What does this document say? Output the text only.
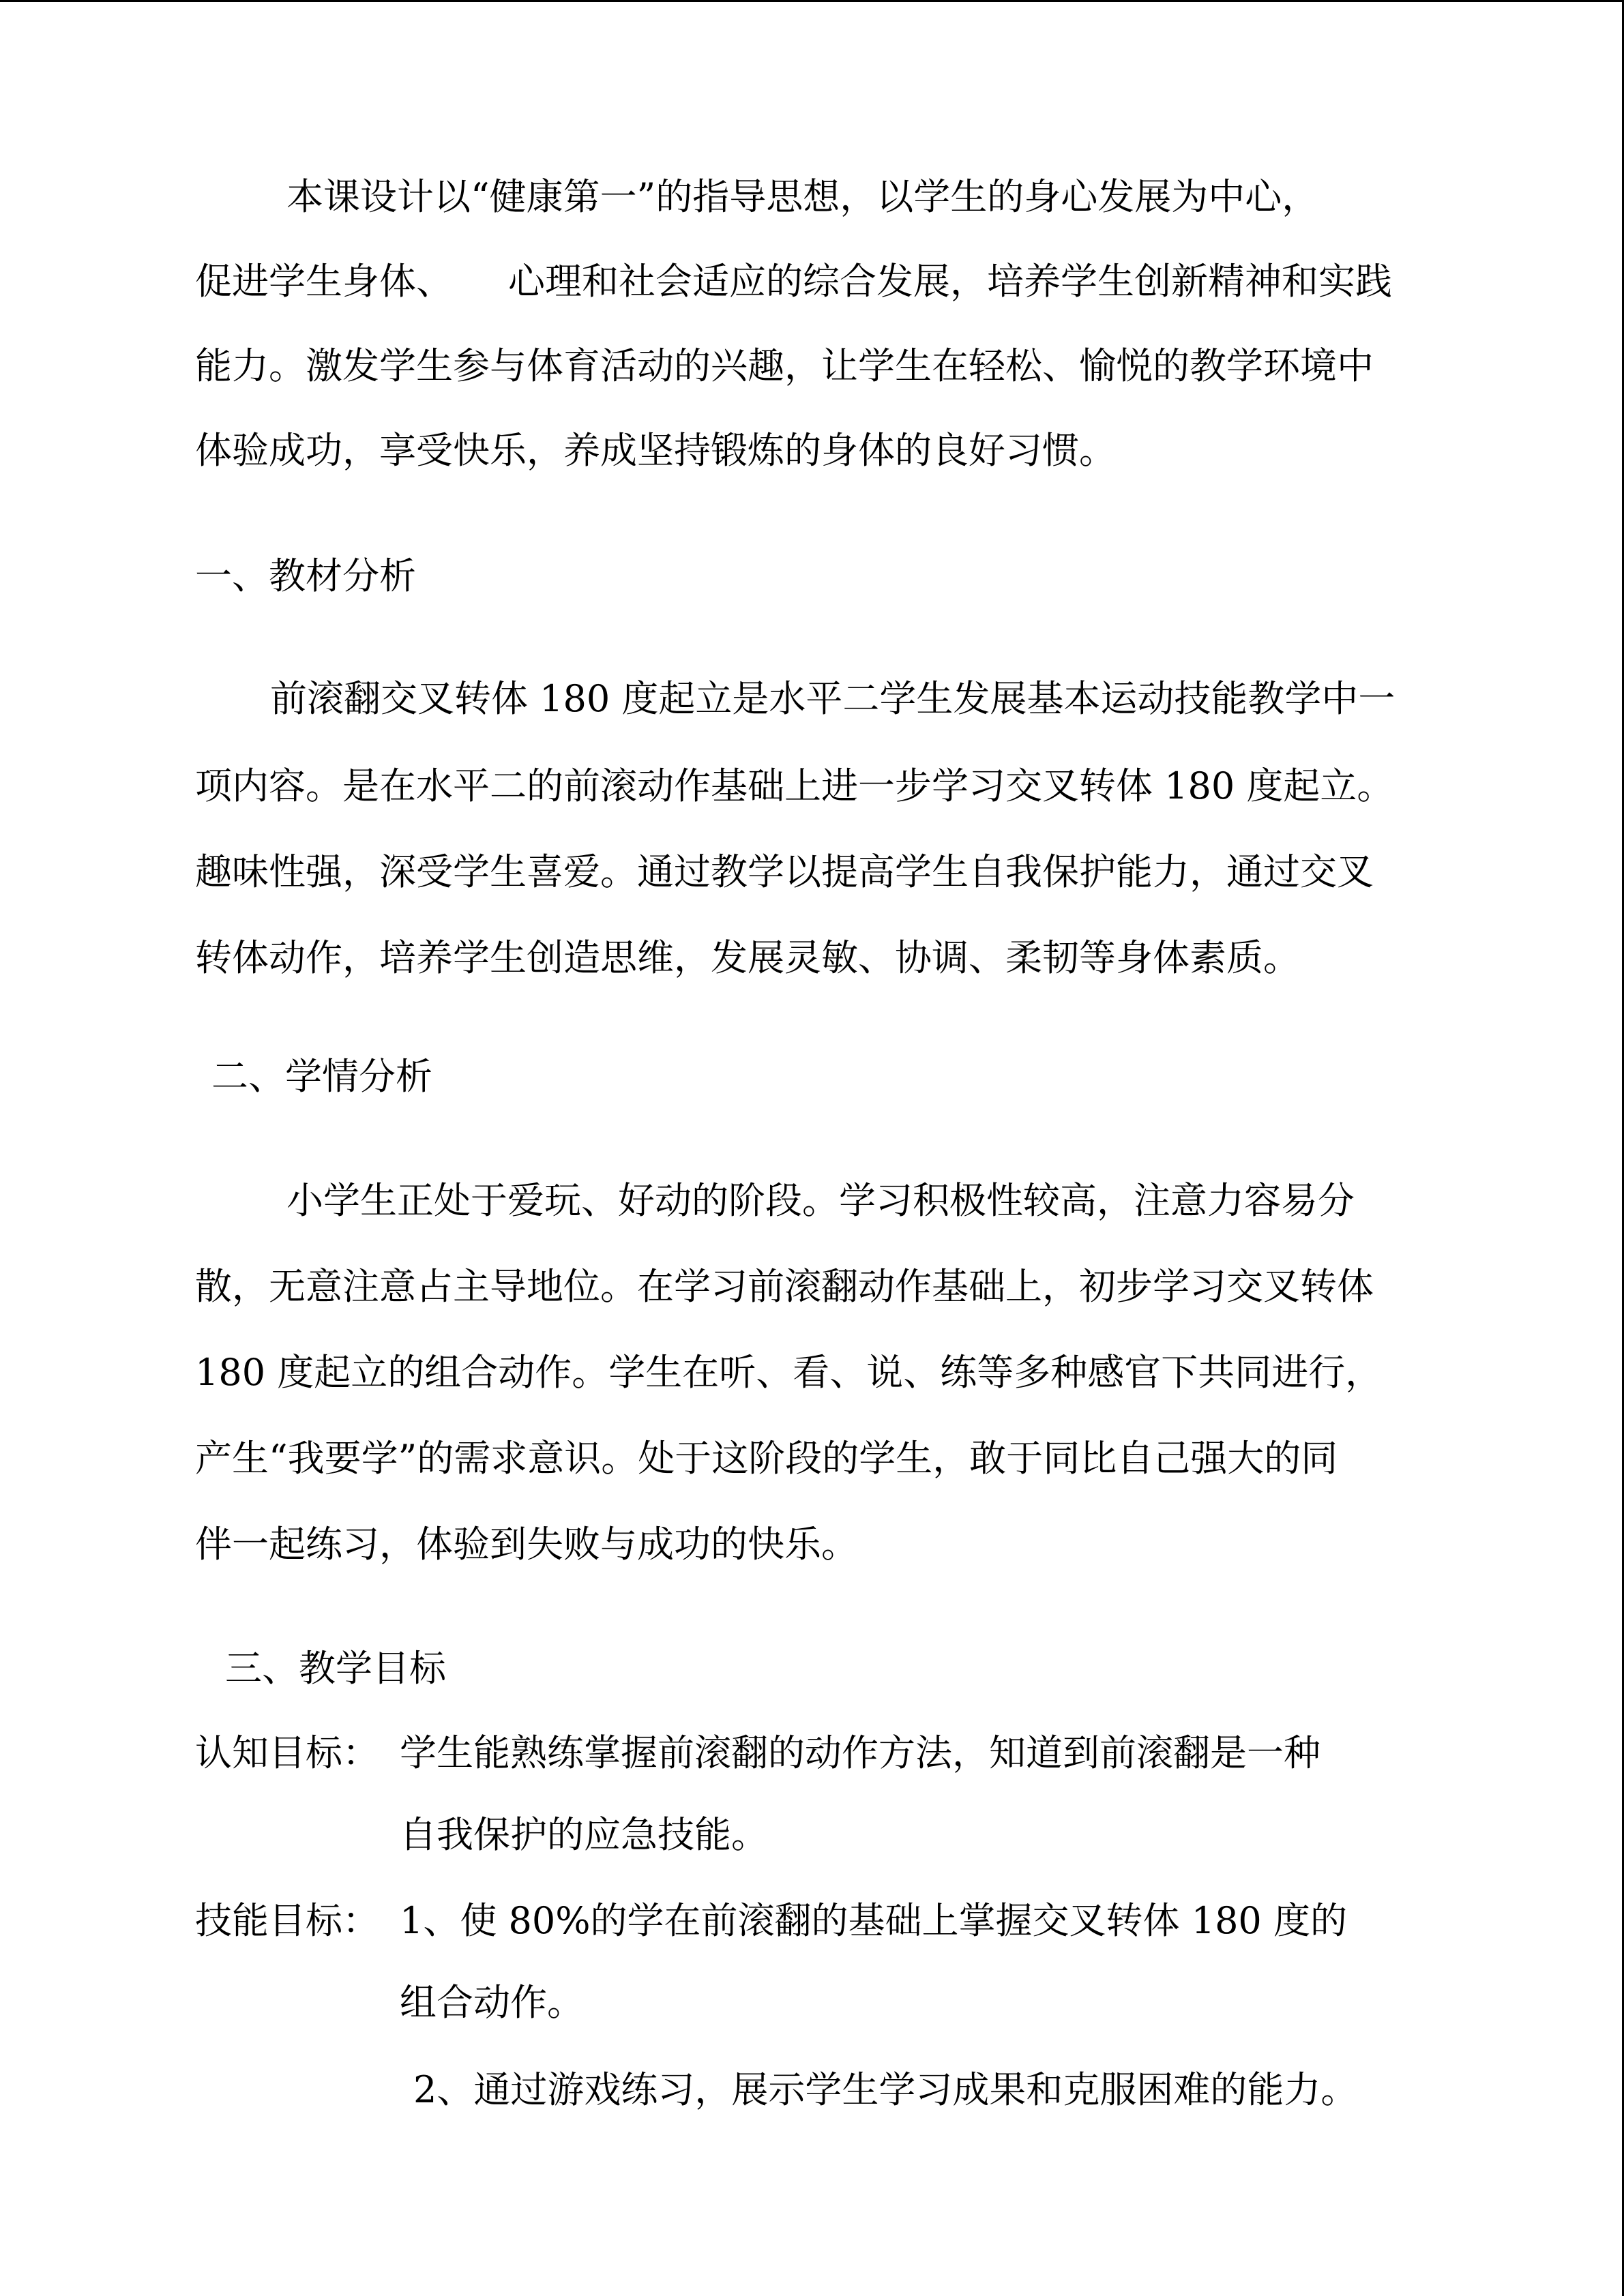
本课设计以“健康第一”的指导思想，以学生的身心发展为中心，
促进学生身体、　　心理和社会适应的综合发展，培养学生创新精神和实践
能力。激发学生参与体育活动的兴趣，让学生在轻松、愉悦的教学环境中
体验成功，享受快乐，养成坚持锻炼的身体的良好习惯。
一、教材分析
前滚翻交叉转体 180 度起立是水平二学生发展基本运动技能教学中一
项内容。是在水平二的前滚动作基础上进一步学习交叉转体 180 度起立。
趣味性强，深受学生喜爱。通过教学以提高学生自我保护能力，通过交叉
转体动作，培养学生创造思维，发展灵敏、协调、柔韧等身体素质。
二、学情分析
小学生正处于爱玩、好动的阶段。学习积极性较高，注意力容易分
散，无意注意占主导地位。在学习前滚翻动作基础上，初步学习交叉转体
180 度起立的组合动作。学生在听、看、说、练等多种感官下共同进行，
产生“我要学”的需求意识。处于这阶段的学生，敢于同比自己强大的同
伴一起练习，体验到失败与成功的快乐。
三、教学目标
认知目标： 学生能熟练掌握前滚翻的动作方法，知道到前滚翻是一种
自我保护的应急技能。
技能目标： 1、使 80%的学在前滚翻的基础上掌握交叉转体 180 度的
组合动作。
2、通过游戏练习，展示学生学习成果和克服困难的能力。
